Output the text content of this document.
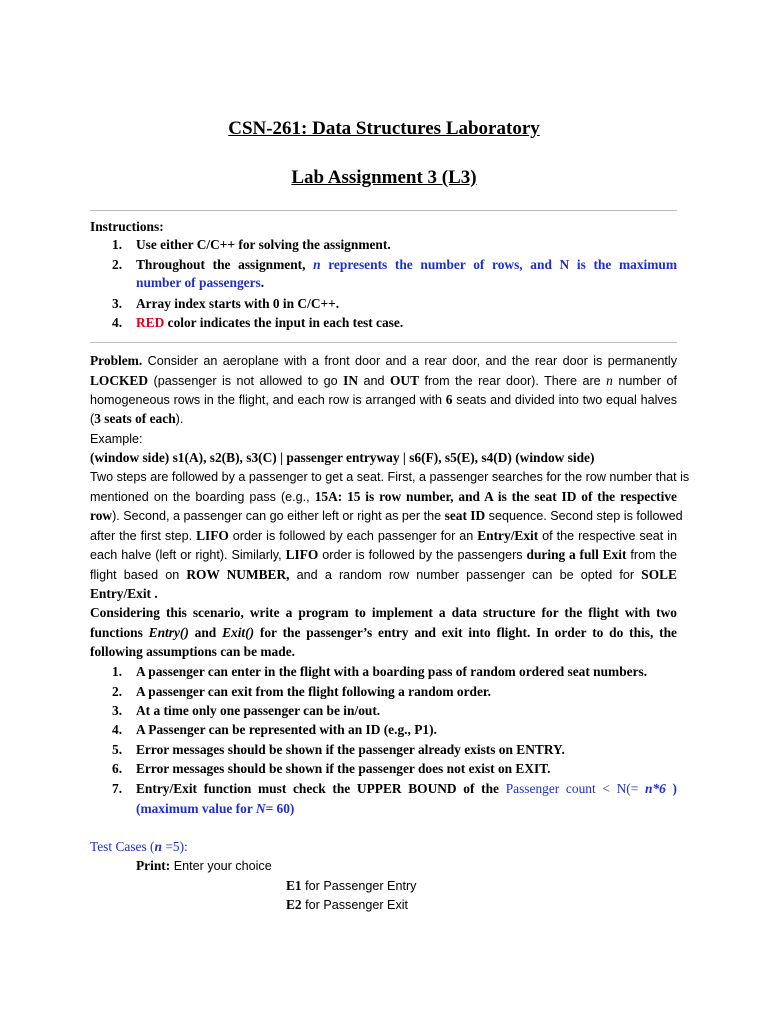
CSN-261: Data Structures Laboratory
Lab Assignment 3 (L3)
Instructions:
1. Use either C/C++ for solving the assignment.
2. Throughout the assignment, n represents the number of rows, and N is the maximum
number of passengers.
3. Array index starts with 0 in C/C++.
4. RED color indicates the input in each test case.
Problem. Consider an aeroplane with a front door and a rear door, and the rear door is permanently
LOCKED (passenger is not allowed to go IN and OUT from the rear door). There are n number of
homogeneous rows in the flight, and each row is arranged with 6 seats and divided into two equal halves
(3 seats of each).
Example:
(window side) s1(A), s2(B), s3(C) | passenger entryway | s6(F), s5(E), s4(D) (window side)
Two steps are followed by a passenger to get a seat. First, a passenger searches for the row number that is
mentioned on the boarding pass (e.g., 15A: 15 is row number, and A is the seat ID of the respective
row). Second, a passenger can go either left or right as per the seat ID sequence. Second step is followed
after the first step. LIFO order is followed by each passenger for an Entry/Exit of the respective seat in
each halve (left or right). Similarly, LIFO order is followed by the passengers during a full Exit from the
flight based on ROW NUMBER, and a random row number passenger can be opted for SOLE
Entry/Exit .
Considering this scenario, write a program to implement a data structure for the flight with two
functions Entry() and Exit() for the passenger’s entry and exit into flight. In order to do this, the
following assumptions can be made.
1. A passenger can enter in the flight with a boarding pass of random ordered seat numbers.
2. A passenger can exit from the flight following a random order.
3. At a time only one passenger can be in/out.
4. A Passenger can be represented with an ID (e.g., P1).
5. Error messages should be shown if the passenger already exists on ENTRY.
6. Error messages should be shown if the passenger does not exist on EXIT.
7. Entry/Exit function must check the UPPER BOUND of the Passenger count < N(= n*6 )
(maximum value for N= 60)
Test Cases (n =5):
Print: Enter your choice
E1 for Passenger Entry
E2 for Passenger Exit
